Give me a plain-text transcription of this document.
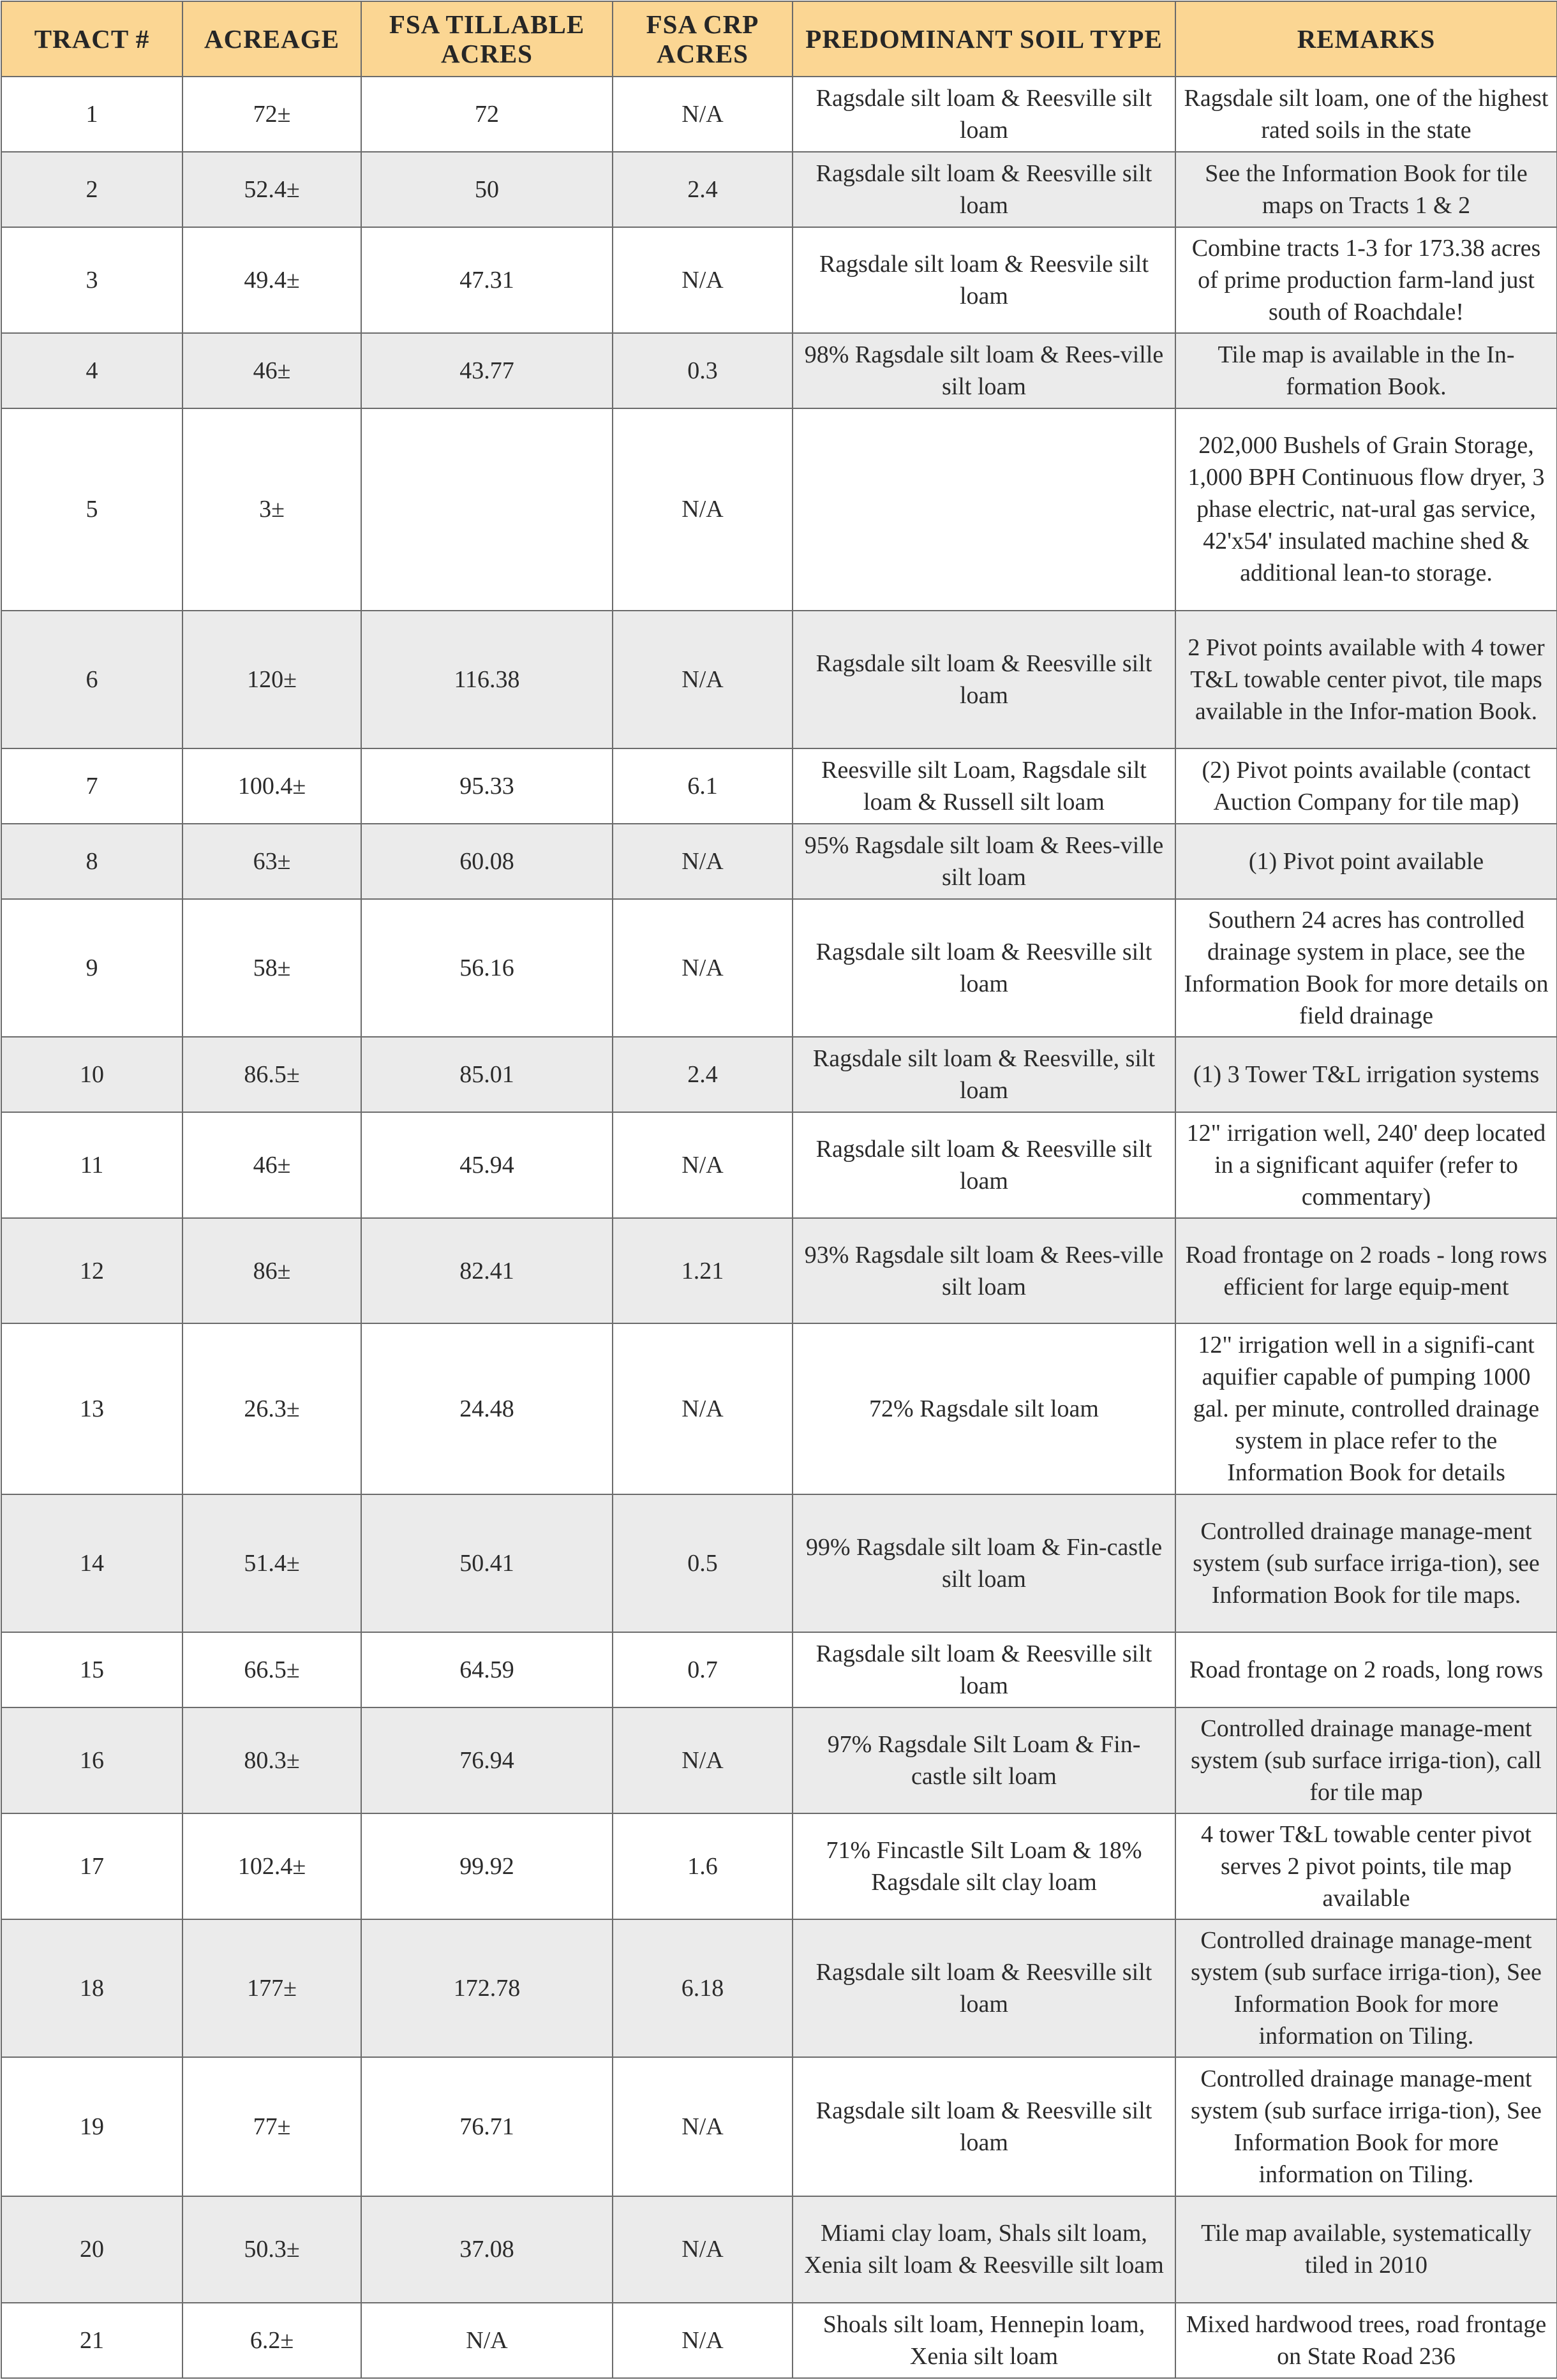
TRACT #	ACREAGE	FSA TILLABLE ACRES	FSA CRP ACRES	PREDOMINANT SOIL TYPE	REMARKS
1	72±	72	N/A	Ragsdale silt loam & Reesville silt loam	Ragsdale silt loam, one of the highest rated soils in the state
2	52.4±	50	2.4	Ragsdale silt loam & Reesville silt loam	See the Information Book for tile maps on Tracts 1 & 2
3	49.4±	47.31	N/A	Ragsdale silt loam & Reesvile silt loam	Combine tracts 1-3 for 173.38 acres of prime production farm-land just south of Roachdale!
4	46±	43.77	0.3	98% Ragsdale silt loam & Rees-ville silt loam	Tile map is available in the In-formation Book.
5	3±		N/A		202,000 Bushels of Grain Storage, 1,000 BPH Continuous flow dryer, 3 phase electric, nat-ural gas service, 42'x54' insulated machine shed & additional lean-to storage.
6	120±	116.38	N/A	Ragsdale silt loam & Reesville silt loam	2 Pivot points available with 4 tower T&L towable center pivot, tile maps available in the Infor-mation Book.
7	100.4±	95.33	6.1	Reesville silt Loam, Ragsdale silt loam & Russell silt loam	(2) Pivot points available (contact Auction Company for tile map)
8	63±	60.08	N/A	95% Ragsdale silt loam & Rees-ville silt loam	(1) Pivot point available
9	58±	56.16	N/A	Ragsdale silt loam & Reesville silt loam	Southern 24 acres has controlled drainage system in place, see the Information Book for more details on field drainage
10	86.5±	85.01	2.4	Ragsdale silt loam & Reesville, silt loam	(1) 3 Tower T&L irrigation systems
11	46±	45.94	N/A	Ragsdale silt loam & Reesville silt loam	12" irrigation well, 240' deep located in a significant aquifer (refer to commentary)
12	86±	82.41	1.21	93% Ragsdale silt loam & Rees-ville silt loam	Road frontage on 2 roads - long rows efficient for large equip-ment
13	26.3±	24.48	N/A	72% Ragsdale silt loam	12" irrigation well in a signifi-cant aquifier capable of pumping 1000 gal. per minute, controlled drainage system in place refer to the Information Book for details
14	51.4±	50.41	0.5	99% Ragsdale silt loam & Fin-castle silt loam	Controlled drainage manage-ment system (sub surface irriga-tion), see Information Book for tile maps.
15	66.5±	64.59	0.7	Ragsdale silt loam & Reesville silt loam	Road frontage on 2 roads, long rows
16	80.3±	76.94	N/A	97% Ragsdale Silt Loam & Fin-castle silt loam	Controlled drainage manage-ment system (sub surface irriga-tion), call for tile map
17	102.4±	99.92	1.6	71% Fincastle Silt Loam & 18% Ragsdale silt clay loam	4 tower T&L towable center pivot serves 2 pivot points, tile map available
18	177±	172.78	6.18	Ragsdale silt loam & Reesville silt loam	Controlled drainage manage-ment system (sub surface irriga-tion), See Information Book for more information on Tiling.
19	77±	76.71	N/A	Ragsdale silt loam & Reesville silt loam	Controlled drainage manage-ment system (sub surface irriga-tion), See Information Book for more information on Tiling.
20	50.3±	37.08	N/A	Miami clay loam, Shals silt loam, Xenia silt loam & Reesville silt loam	Tile map available, systematically tiled in 2010
21	6.2±	N/A	N/A	Shoals silt loam, Hennepin loam, Xenia silt loam	Mixed hardwood trees, road frontage on State Road 236
